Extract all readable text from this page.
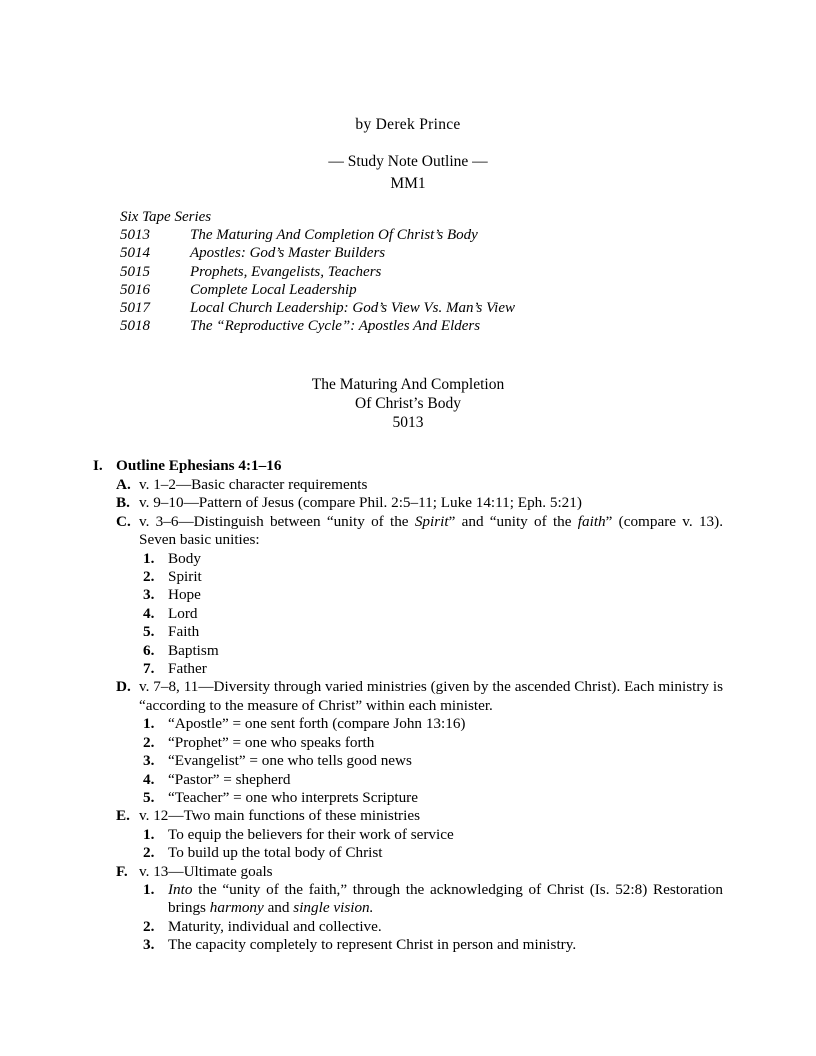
by Derek Prince
— Study Note Outline —
MM1
Six Tape Series
5013	The Maturing And Completion Of Christ’s Body
5014	Apostles: God’s Master Builders
5015	Prophets, Evangelists, Teachers
5016	Complete Local Leadership
5017	Local Church Leadership: God’s View Vs. Man’s View
5018	The “Reproductive Cycle”: Apostles And Elders
The Maturing And Completion
Of Christ’s Body
5013
I. Outline Ephesians 4:1–16
A. v. 1–2—Basic character requirements
B. v. 9–10—Pattern of Jesus (compare Phil. 2:5–11; Luke 14:11; Eph. 5:21)
C. v. 3–6—Distinguish between “unity of the Spirit” and “unity of the faith” (compare v. 13). Seven basic unities:
1. Body
2. Spirit
3. Hope
4. Lord
5. Faith
6. Baptism
7. Father
D. v. 7–8, 11—Diversity through varied ministries (given by the ascended Christ). Each ministry is “according to the measure of Christ” within each minister.
1. “Apostle” = one sent forth (compare John 13:16)
2. “Prophet” = one who speaks forth
3. “Evangelist” = one who tells good news
4. “Pastor” = shepherd
5. “Teacher” = one who interprets Scripture
E. v. 12—Two main functions of these ministries
1. To equip the believers for their work of service
2. To build up the total body of Christ
F. v. 13—Ultimate goals
1. Into the “unity of the faith,” through the acknowledging of Christ (Is. 52:8) Restoration brings harmony and single vision.
2. Maturity, individual and collective.
3. The capacity completely to represent Christ in person and ministry.
